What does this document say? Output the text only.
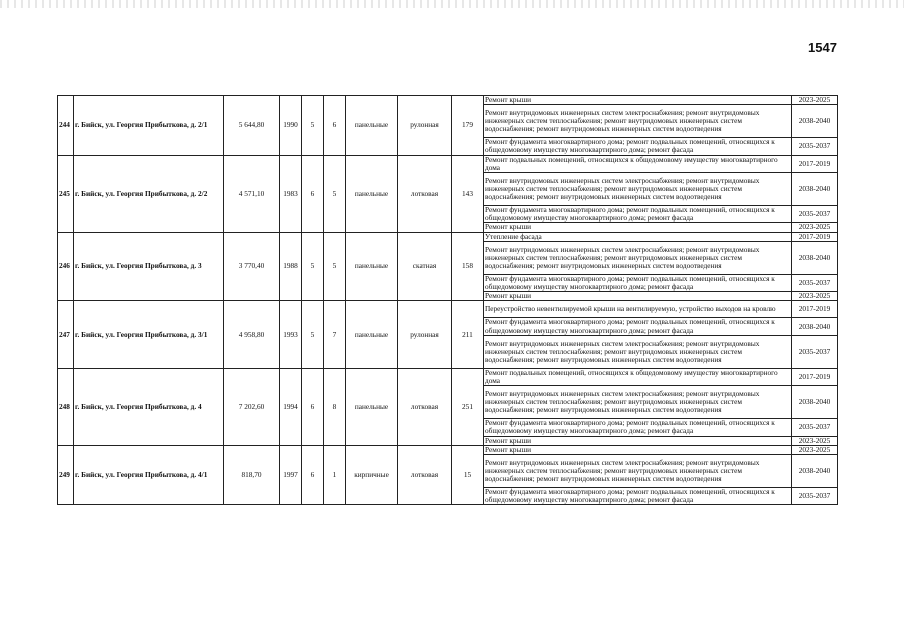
1547
244	г. Бийск, ул. Георгия Прибыткова, д. 2/1	5 644,80	1990	5	6	панельные	рулонная	179	Ремонт крыши	2023-2025
									Ремонт внутридомовых инженерных систем электроснабжения; ремонт внутридомовых инженерных систем теплоснабжения; ремонт внутридомовых инженерных систем водоснабжения; ремонт внутридомовых инженерных систем водоотведения	2038-2040
									Ремонт фундамента многоквартирного дома; ремонт подвальных помещений, относящихся к общедомовому имуществу многоквартирного дома; ремонт фасада	2035-2037
245	г. Бийск, ул. Георгия Прибыткова, д. 2/2	4 571,10	1983	6	5	панельные	лотковая	143	Ремонт подвальных помещений, относящихся к общедомовому имуществу многоквартирного дома	2017-2019
									Ремонт внутридомовых инженерных систем электроснабжения; ремонт внутридомовых инженерных систем теплоснабжения; ремонт внутридомовых инженерных систем водоснабжения; ремонт внутридомовых инженерных систем водоотведения	2038-2040
									Ремонт фундамента многоквартирного дома; ремонт подвальных помещений, относящихся к общедомовому имуществу многоквартирного дома; ремонт фасада	2035-2037
									Ремонт крыши	2023-2025
246	г. Бийск, ул. Георгия Прибыткова, д. 3	3 770,40	1988	5	5	панельные	скатная	158	Утепление фасада	2017-2019
									Ремонт внутридомовых инженерных систем электроснабжения; ремонт внутридомовых инженерных систем теплоснабжения; ремонт внутридомовых инженерных систем водоснабжения; ремонт внутридомовых инженерных систем водоотведения	2038-2040
									Ремонт фундамента многоквартирного дома; ремонт подвальных помещений, относящихся к общедомовому имуществу многоквартирного дома; ремонт фасада	2035-2037
									Ремонт крыши	2023-2025
247	г. Бийск, ул. Георгия Прибыткова, д. 3/1	4 958,80	1993	5	7	панельные	рулонная	211	Переустройство невентилируемой крыши на вентилируемую, устройство выходов на кровлю	2017-2019
									Ремонт фундамента многоквартирного дома; ремонт подвальных помещений, относящихся к общедомовому имуществу многоквартирного дома; ремонт фасада	2038-2040
									Ремонт внутридомовых инженерных систем электроснабжения; ремонт внутридомовых инженерных систем теплоснабжения; ремонт внутридомовых инженерных систем водоснабжения; ремонт внутридомовых инженерных систем водоотведения	2035-2037
248	г. Бийск, ул. Георгия Прибыткова, д. 4	7 202,60	1994	6	8	панельные	лотковая	251	Ремонт подвальных помещений, относящихся к общедомовому имуществу многоквартирного дома	2017-2019
									Ремонт внутридомовых инженерных систем электроснабжения; ремонт внутридомовых инженерных систем теплоснабжения; ремонт внутридомовых инженерных систем водоснабжения; ремонт внутридомовых инженерных систем водоотведения	2038-2040
									Ремонт фундамента многоквартирного дома; ремонт подвальных помещений, относящихся к общедомовому имуществу многоквартирного дома; ремонт фасада	2035-2037
									Ремонт крыши	2023-2025
249	г. Бийск, ул. Георгия Прибыткова, д. 4/1	818,70	1997	6	1	кирпичные	лотковая	15	Ремонт крыши	2023-2025
									Ремонт внутридомовых инженерных систем электроснабжения; ремонт внутридомовых инженерных систем теплоснабжения; ремонт внутридомовых инженерных систем водоснабжения; ремонт внутридомовых инженерных систем водоотведения	2038-2040
									Ремонт фундамента многоквартирного дома; ремонт подвальных помещений, относящихся к общедомовому имуществу многоквартирного дома; ремонт фасада	2035-2037
